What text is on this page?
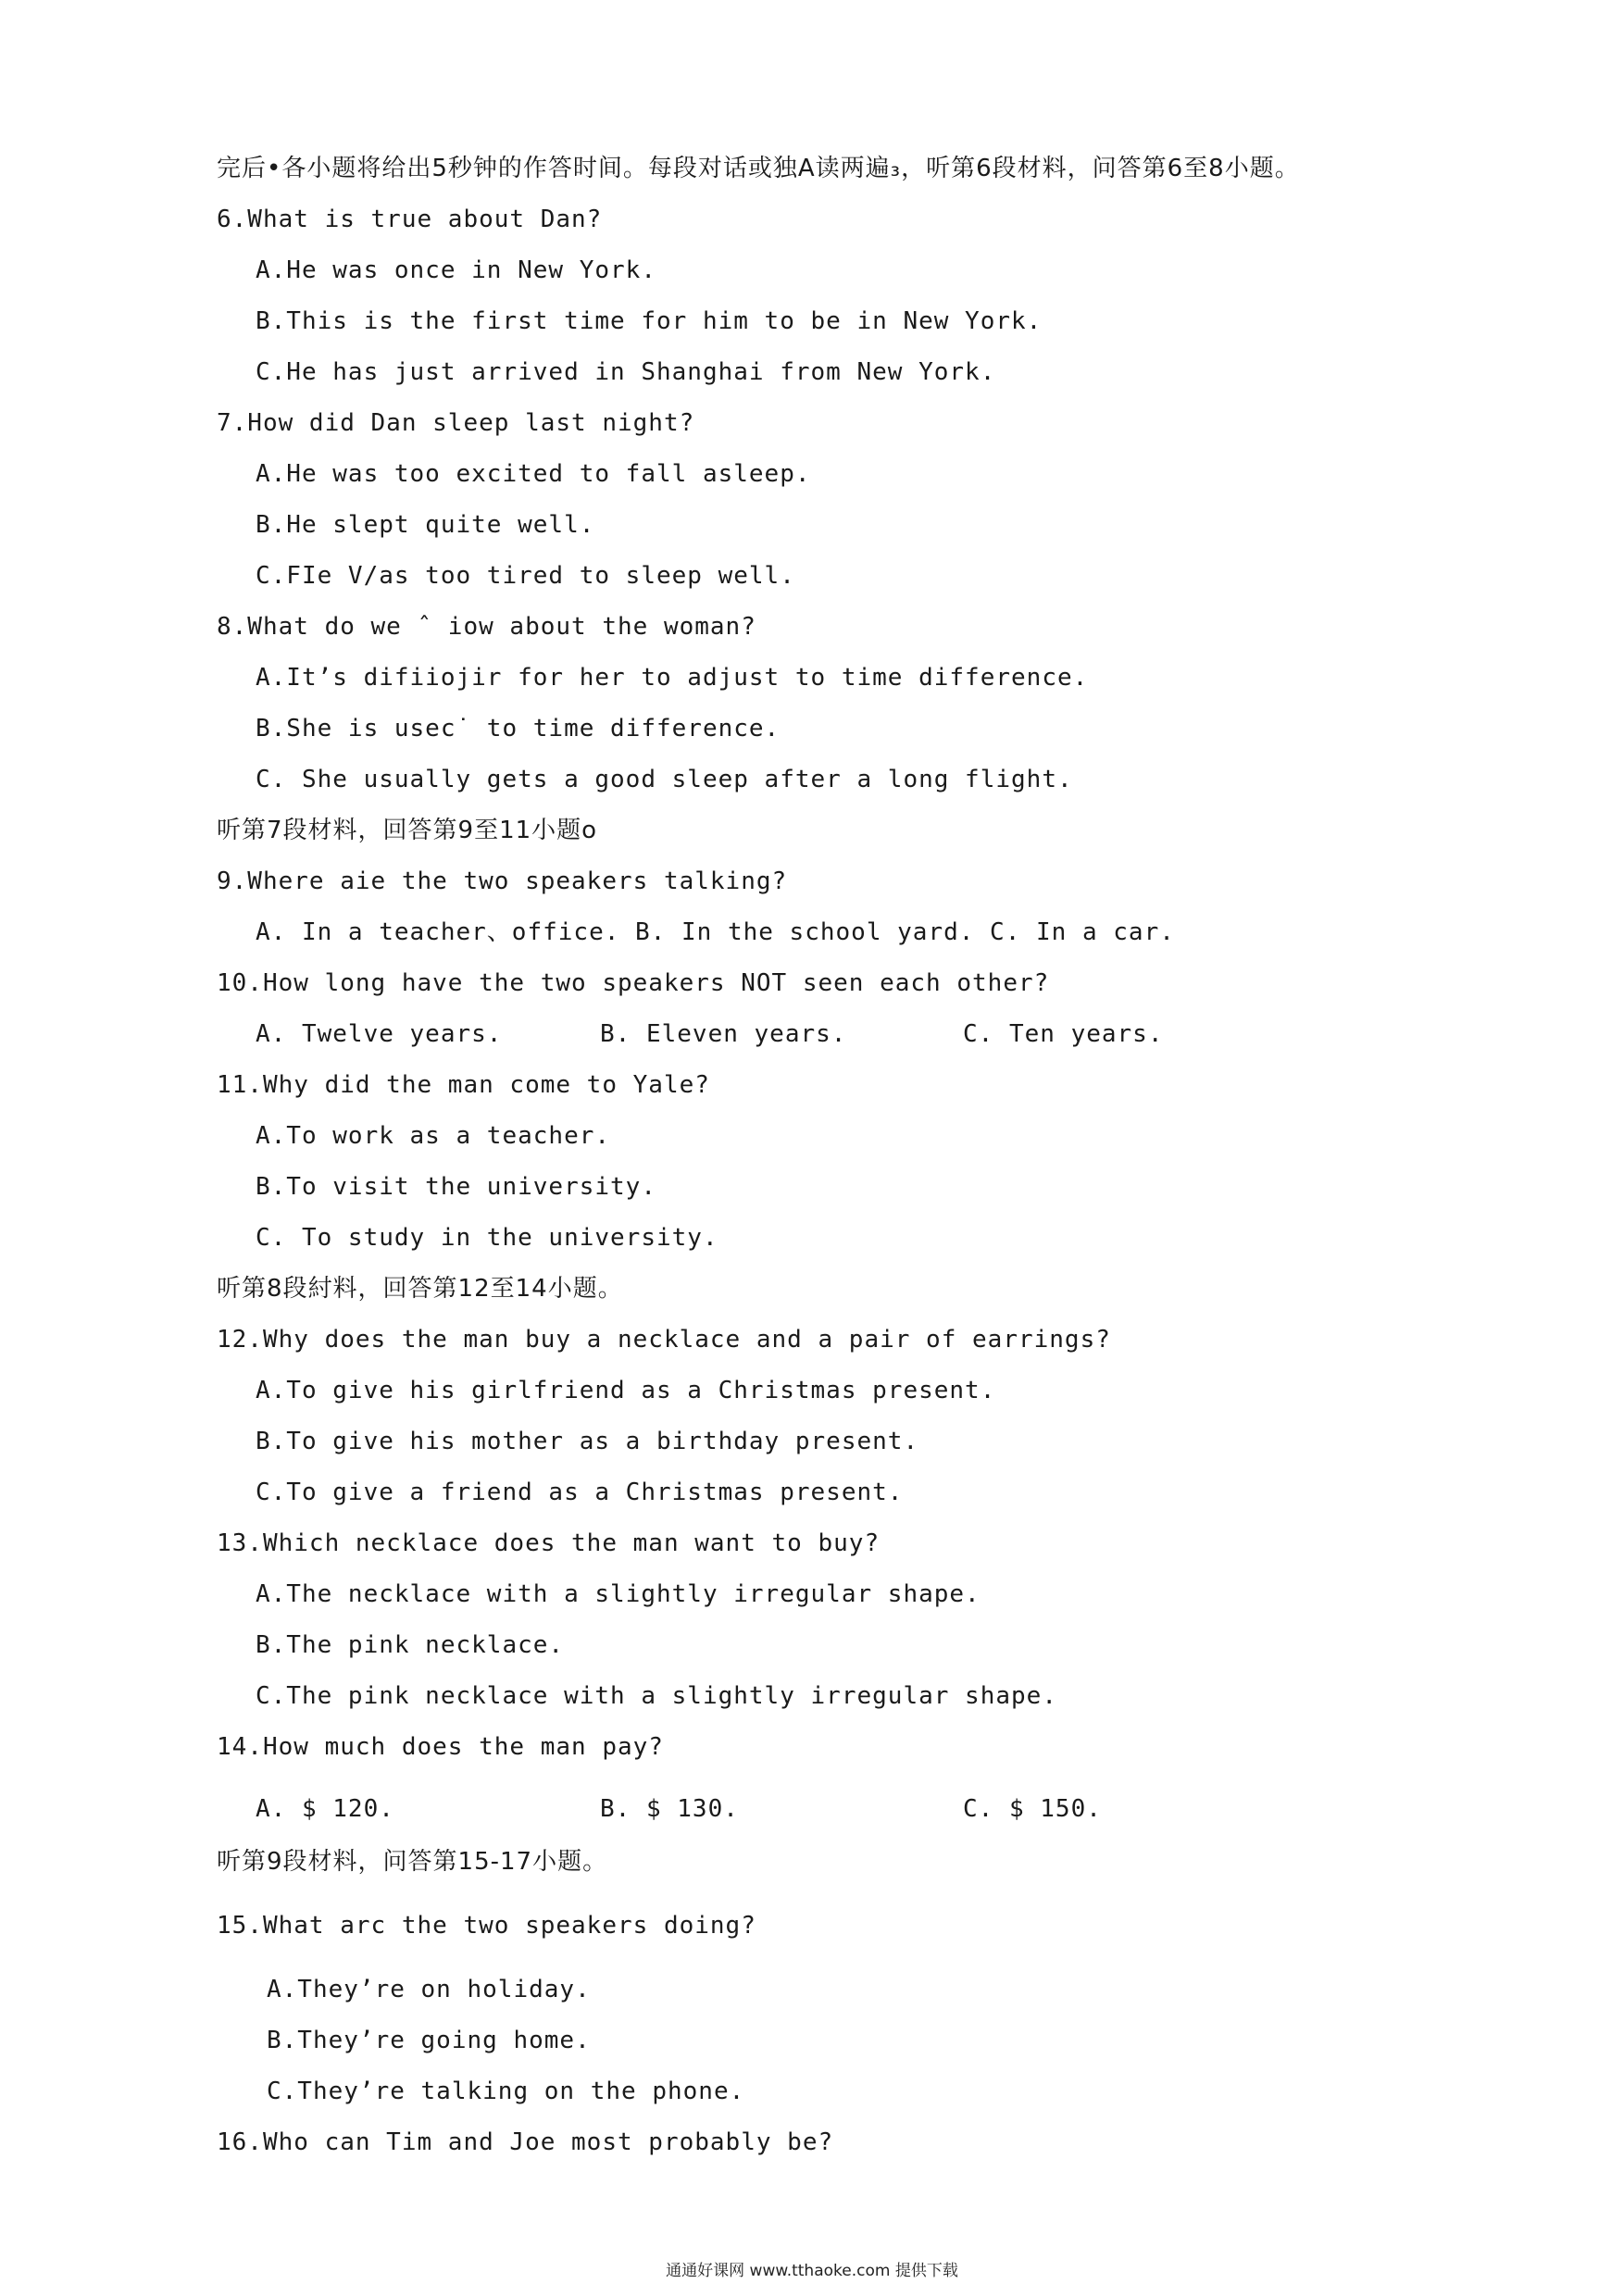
完后•各小题将给出5秒钟的作答时间。每段对话或独A读两遍₃，听第6段材料，问答第6至8小题。
6.What is true about Dan?
A.He was once in New York.
B.This is the first time for him to be in New York.
C.He has just arrived in Shanghai from New York.
7.How did Dan sleep last night?
A.He was too excited to fall asleep.
B.He slept quite well.
C.FIe V/as too tired to sleep well.
8.What do we ˆ iow about the woman?
A.It’s difiiojir for her to adjust to time difference.
B.She is usec˙ to time difference.
C. She usually gets a good sleep after a long flight.
听第7段材料，回答第9至11小题o
9.Where aie the two speakers talking?
A. In a teacher、office. B. In the school yard. C. In a car.
10.How long have the two speakers NOT seen each other?
A. Twelve years.	B. Eleven years.	C. Ten years.
11.Why did the man come to Yale?
A.To work as a teacher.
B.To visit the university.
C. To study in the university.
听第8段紂料，回答第12至14小题。
12.Why does the man buy a necklace and a pair of earrings?
A.To give his girlfriend as a Christmas present.
B.To give his mother as a birthday present.
C.To give a friend as a Christmas present.
13.Which necklace does the man want to buy?
A.The necklace with a slightly irregular shape.
B.The pink necklace.
C.The pink necklace with a slightly irregular shape.
14.How much does the man pay?
A. $ 120.	B. $ 130.	C. $ 150.
听第9段材料，问答第15-17小题。
15.What arc the two speakers doing?
A.They’re on holiday.
B.They’re going home.
C.They’re talking on the phone.
16.Who can Tim and Joe most probably be?
通通好课网 www.tthaoke.com 提供下载
